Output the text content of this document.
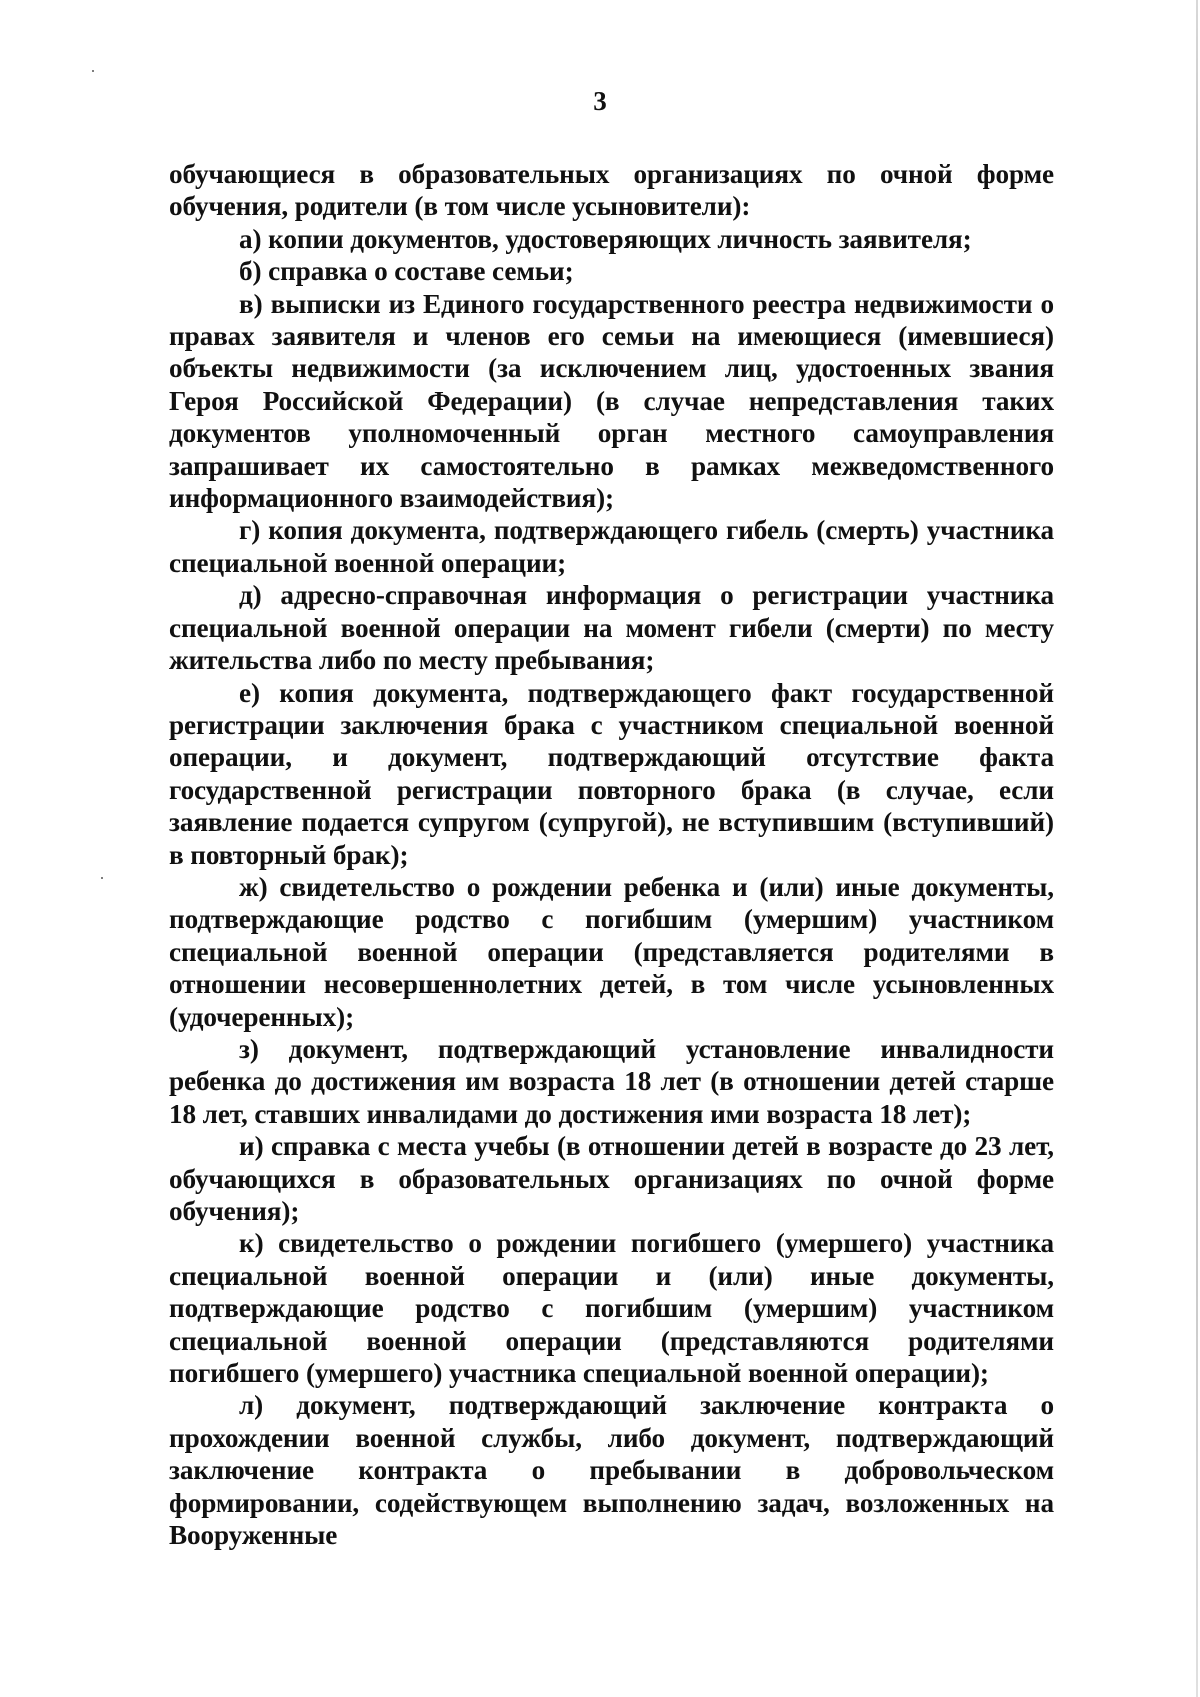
3

обучающиеся в образовательных организациях по очной форме обучения, родители (в том числе усыновители):

а) копии документов, удостоверяющих личность заявителя;

б) справка о составе семьи;

в) выписки из Единого государственного реестра недвижимости о правах заявителя и членов его семьи на имеющиеся (имевшиеся) объекты недвижимости (за исключением лиц, удостоенных звания Героя Российской Федерации) (в случае непредставления таких документов уполномоченный орган местного самоуправления запрашивает их самостоятельно в рамках межведомственного информационного взаимодействия);

г) копия документа, подтверждающего гибель (смерть) участника специальной военной операции;

д) адресно-справочная информация о регистрации участника специальной военной операции на момент гибели (смерти) по месту жительства либо по месту пребывания;

е) копия документа, подтверждающего факт государственной регистрации заключения брака с участником специальной военной операции, и документ, подтверждающий отсутствие факта государственной регистрации повторного брака (в случае, если заявление подается супругом (супругой), не вступившим (вступивший) в повторный брак);

ж) свидетельство о рождении ребенка и (или) иные документы, подтверждающие родство с погибшим (умершим) участником специальной военной операции (представляется родителями в отношении несовершеннолетних детей, в том числе усыновленных (удочеренных);

з) документ, подтверждающий установление инвалидности ребенка до достижения им возраста 18 лет (в отношении детей старше 18 лет, ставших инвалидами до достижения ими возраста 18 лет);

и) справка с места учебы (в отношении детей в возрасте до 23 лет, обучающихся в образовательных организациях по очной форме обучения);

к) свидетельство о рождении погибшего (умершего) участника специальной военной операции и (или) иные документы, подтверждающие родство с погибшим (умершим) участником специальной военной операции (представляются родителями погибшего (умершего) участника специальной военной операции);

л) документ, подтверждающий заключение контракта о прохождении военной службы, либо документ, подтверждающий заключение контракта о пребывании в добровольческом формировании, содействующем выполнению задач, возложенных на Вооруженные
